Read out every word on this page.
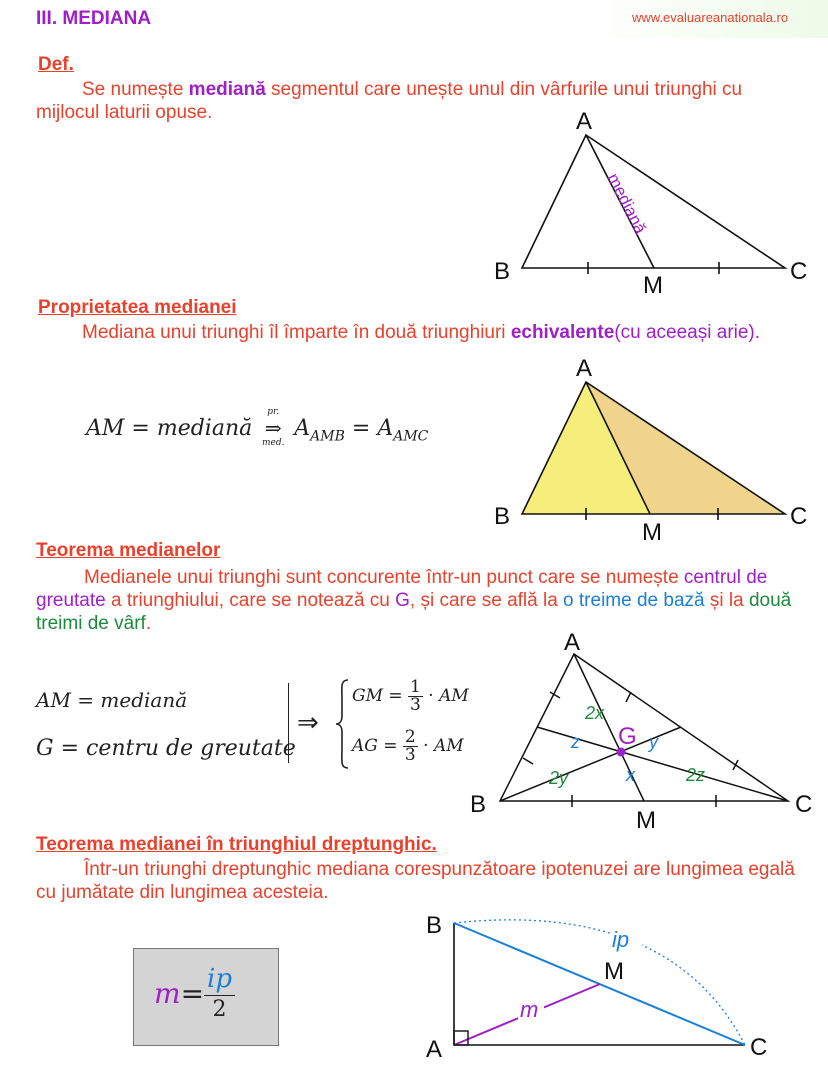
III. MEDIANA	www.evaluareanationala.ro
Def.
Se numește mediană segmentul care unește unul din vârfurile unui triunghi cu mijlocul laturii opuse.	A
B	C
M
mediană
Proprietatea medianei
Mediana unui triunghi îl împarte în două triunghiuri echivalente(cu aceeași arie).
AM = mediană
pr.
⇒
med.
$A_{AMB} = A_{AMC}$
A
B	C
M
Teorema medianelor
Medianele unui triunghi sunt concurente într-un punct care se numește centrul de greutate a triunghiului, care se notează cu G, și care se află la o treime de bază și la două treimi de vârf.
AM = mediană
G = centru de greutate
⇒
GM = $\frac{1}{3}$ · AM
AG = $\frac{2}{3}$ · AM
A
B	C
M
G
2x
x
z	y
2y	2z
Teorema medianei în triunghiul dreptunghic.
Într-un triunghi dreptunghic mediana corespunzătoare ipotenuzei are lungimea egală cu jumătate din lungimea acesteia.
m= ip
2
B
A	C
M
m
ip
